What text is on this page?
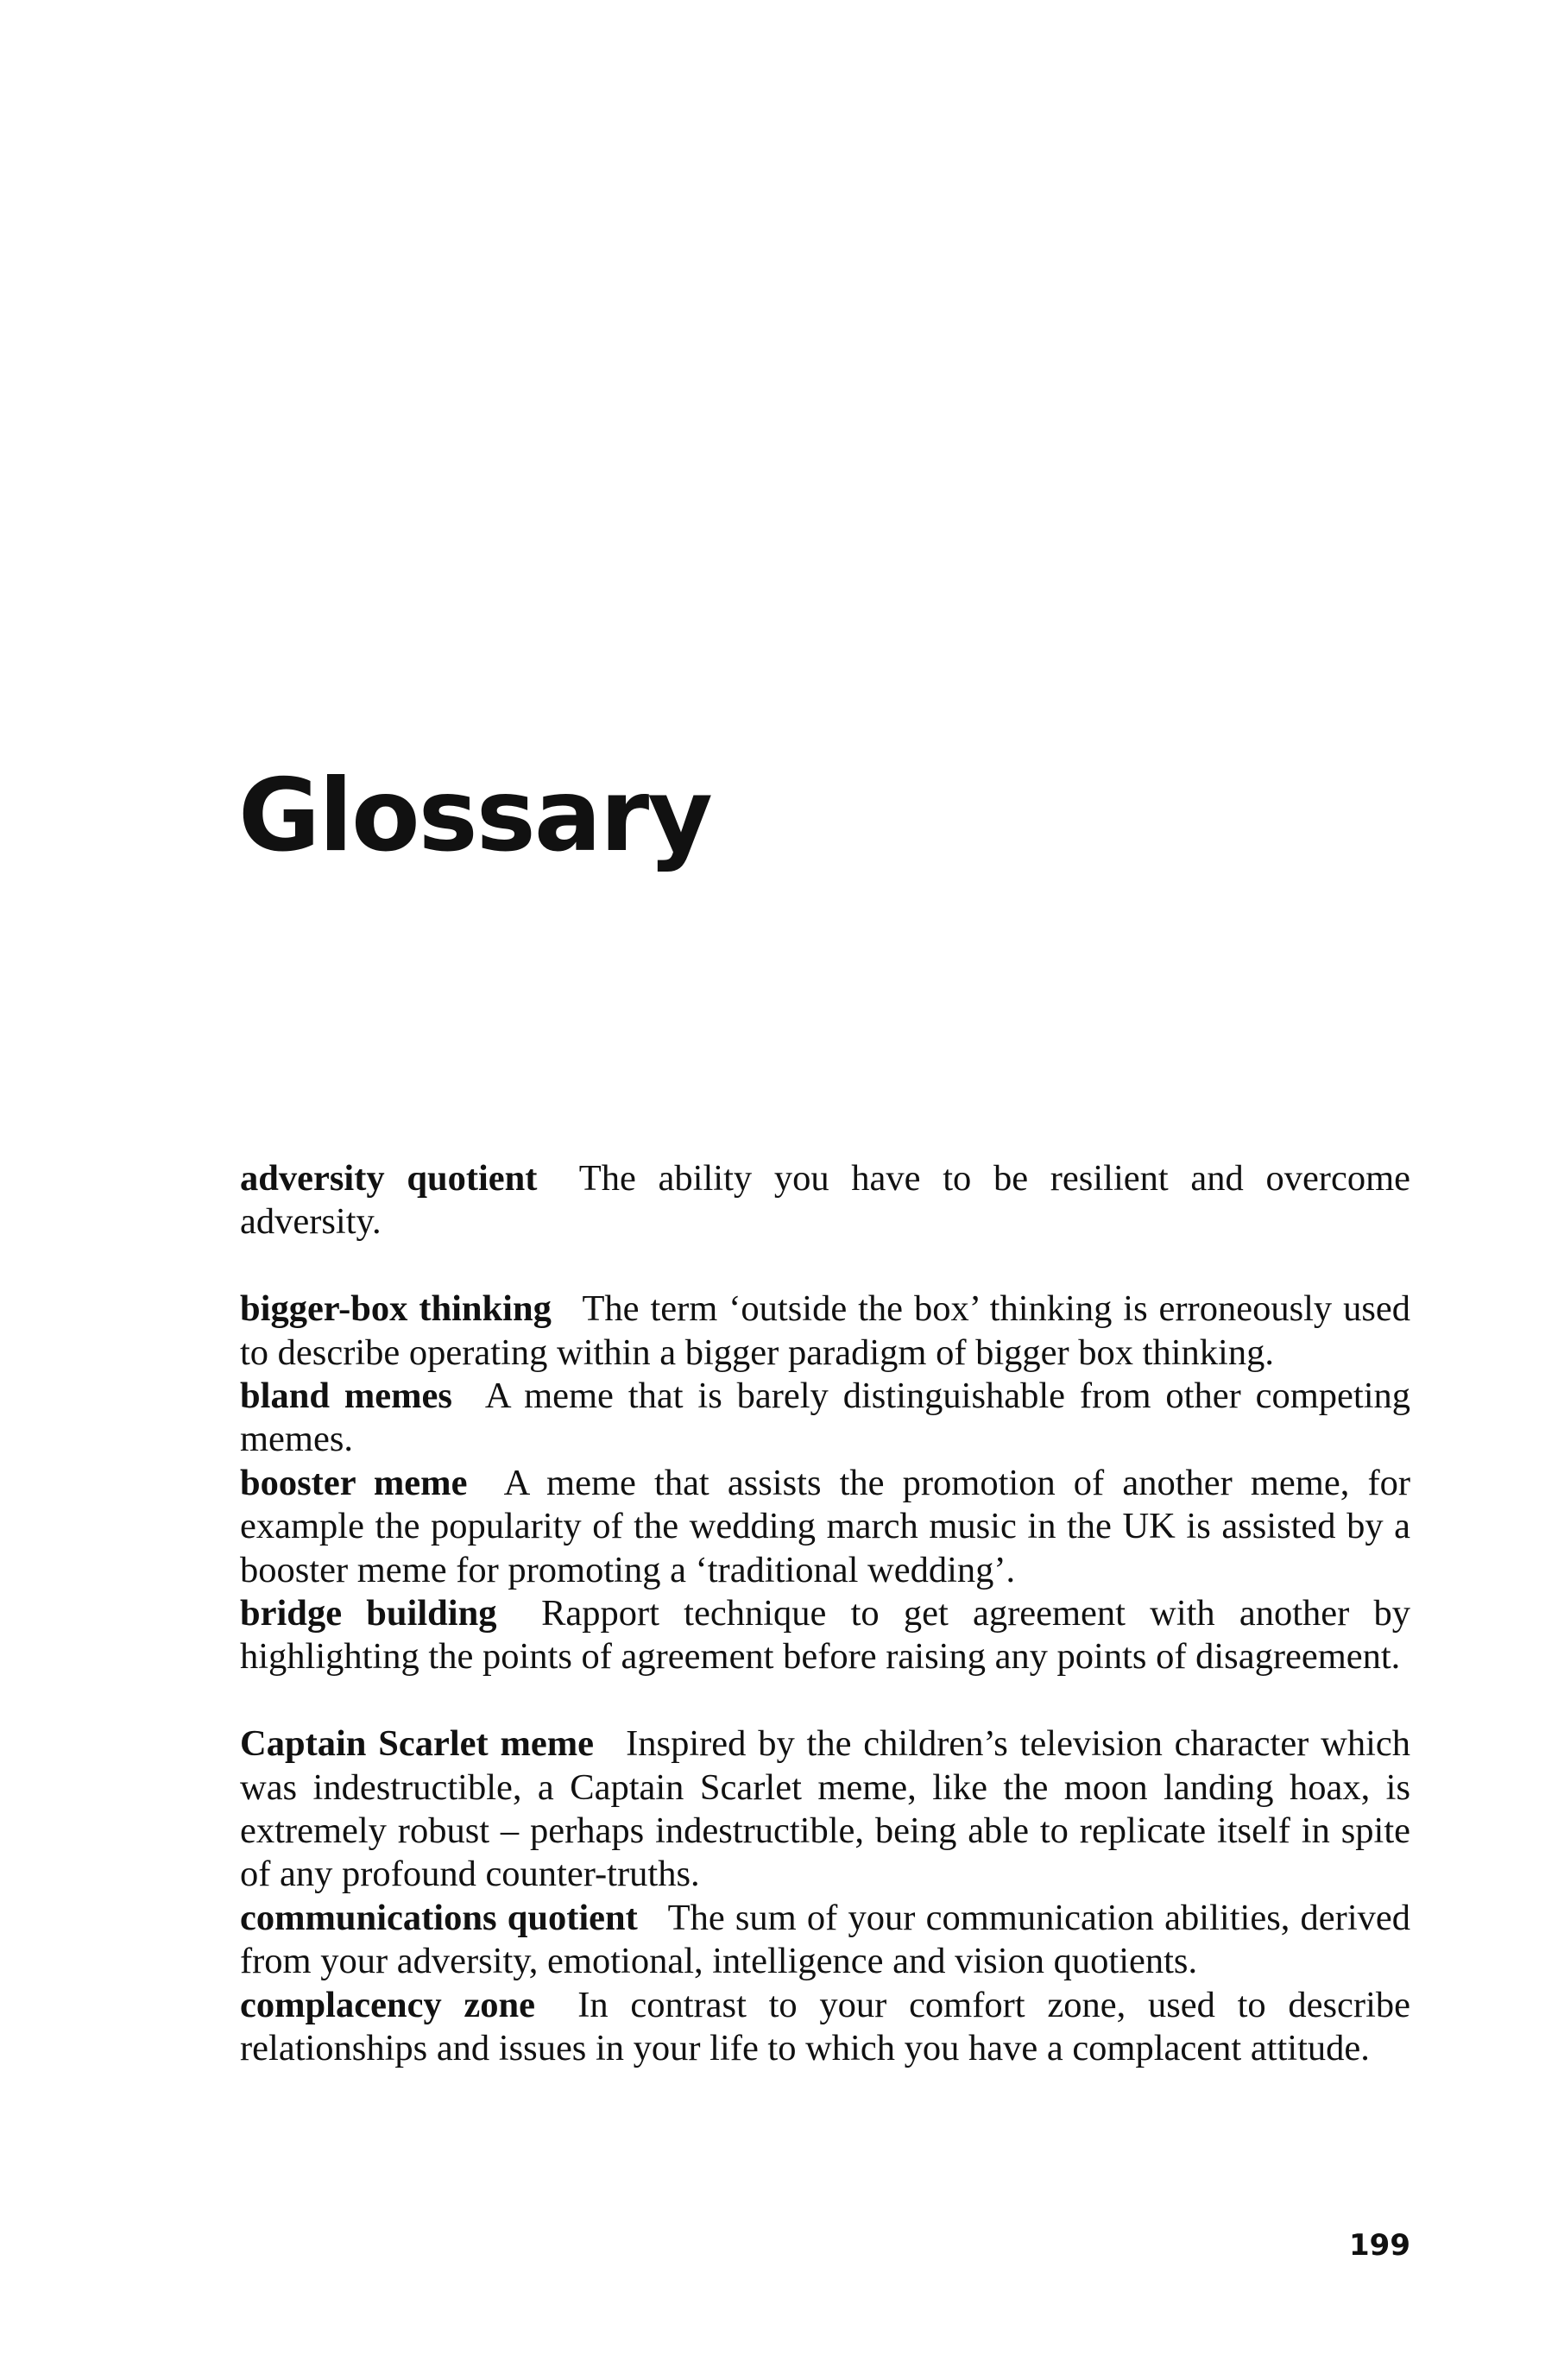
Glossary

adversity quotient The ability you have to be resilient and overcome adversity.

bigger-box thinking The term ‘outside the box’ thinking is erroneously used to describe operating within a bigger paradigm of bigger box thinking.

bland memes A meme that is barely distinguishable from other competing memes.

booster meme A meme that assists the promotion of another meme, for example the popularity of the wedding march music in the UK is assisted by a booster meme for promoting a ‘traditional wedding’.

bridge building Rapport technique to get agreement with another by highlighting the points of agreement before raising any points of disagreement.

Captain Scarlet meme Inspired by the children’s television character which was indestructible, a Captain Scarlet meme, like the moon landing hoax, is extremely robust – perhaps indestructible, being able to replicate itself in spite of any profound counter-truths.

communications quotient The sum of your communication abilities, derived from your adversity, emotional, intelligence and vision quotients.

complacency zone In contrast to your comfort zone, used to describe relationships and issues in your life to which you have a complacent attitude.

199
